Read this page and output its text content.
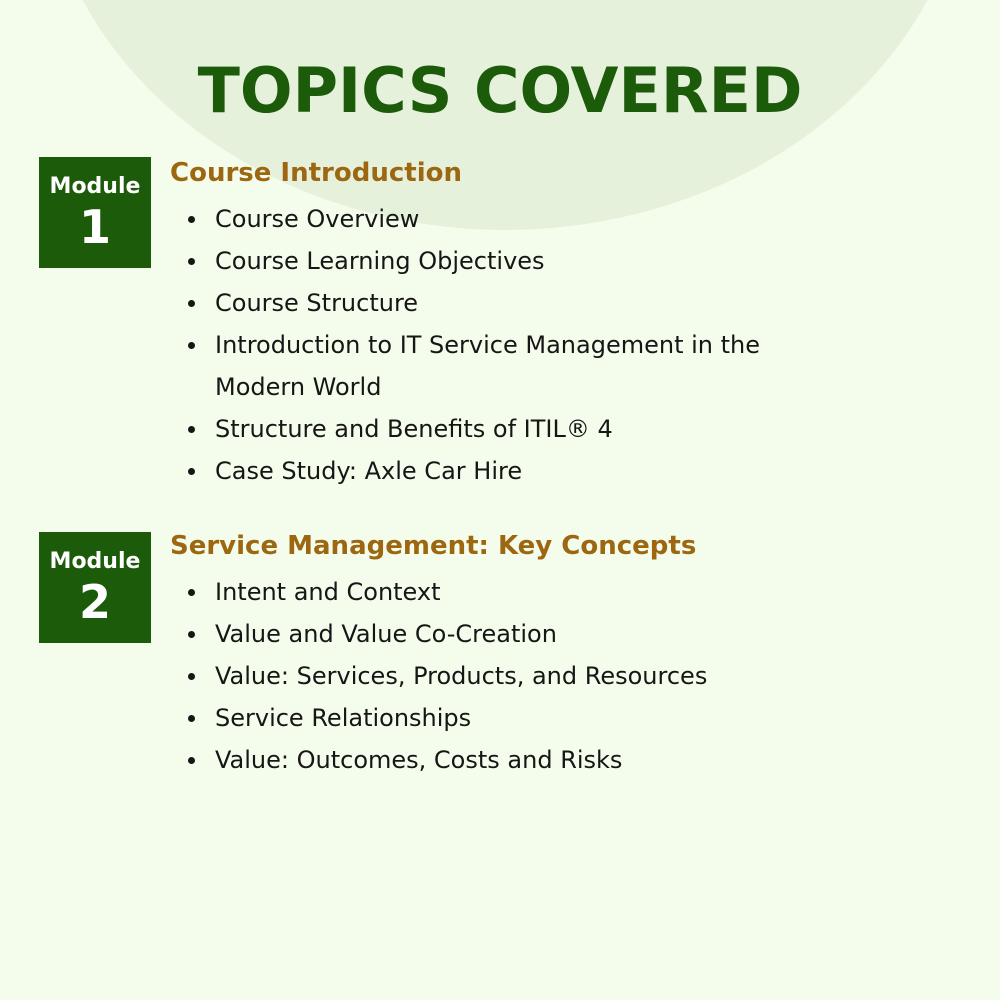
TOPICS COVERED
Module
1
Course Introduction
Course Overview
Course Learning Objectives
Course Structure
Introduction to IT Service Management in the Modern World
Structure and Benefits of ITIL® 4
Case Study: Axle Car Hire
Module
2
Service Management: Key Concepts
Intent and Context
Value and Value Co-Creation
Value: Services, Products, and Resources
Service Relationships
Value: Outcomes, Costs and Risks
